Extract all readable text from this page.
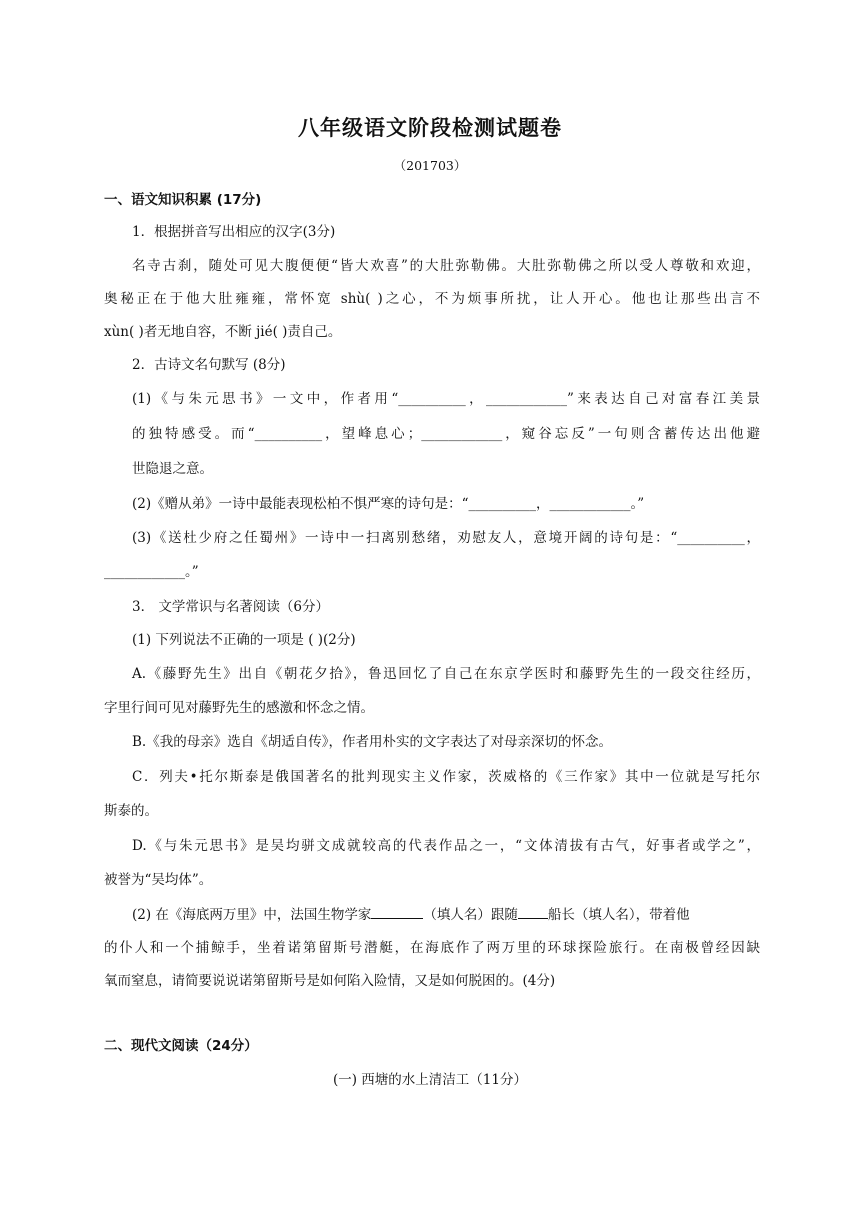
八年级语文阶段检测试题卷
（201703）
一、语文知识积累 (17分)
1．根据拼音写出相应的汉字(3分)
名寺古刹，随处可见大腹便便“皆大欢喜”的大肚弥勒佛。大肚弥勒佛之所以受人尊敬和欢迎，
奥秘正在于他大肚雍雍，常怀宽 shù( )之心，不为烦事所扰，让人开心。他也让那些出言不
xùn( )者无地自容，不断 jié( )责自己。
2．古诗文名句默写 (8分)
(1)《与朱元思书》一文中，作者用“__________，____________”来表达自己对富春江美景
的独特感受。而“__________，望峰息心；____________，窥谷忘反”一句则含蓄传达出他避
世隐退之意。
(2)《赠从弟》一诗中最能表现松柏不惧严寒的诗句是：“__________，____________。”
(3)《送杜少府之任蜀州》一诗中一扫离别愁绪，劝慰友人，意境开阔的诗句是：“__________，
____________。”
3． 文学常识与名著阅读（6分）
(1) 下列说法不正确的一项是 ( )(2分)
A.《藤野先生》出自《朝花夕拾》，鲁迅回忆了自己在东京学医时和藤野先生的一段交往经历，
字里行间可见对藤野先生的感激和怀念之情。
B.《我的母亲》选自《胡适自传》，作者用朴实的文字表达了对母亲深切的怀念。
C．列夫•托尔斯泰是俄国著名的批判现实主义作家，茨威格的《三作家》其中一位就是写托尔
斯泰的。
D.《与朱元思书》是吴均骈文成就较高的代表作品之一，“文体清拔有古气，好事者或学之”，
被誉为“吴均体”。
(2) 在《海底两万里》中，法国生物学家	（填人名）跟随 船长（填人名），带着他
的仆人和一个捕鲸手，坐着诺第留斯号潜艇，在海底作了两万里的环球探险旅行。在南极曾经因缺
氧而窒息，请简要说说诺第留斯号是如何陷入险情，又是如何脱困的。(4分)
二、现代文阅读（24分）
(一) 西塘的水上清洁工（11分）
